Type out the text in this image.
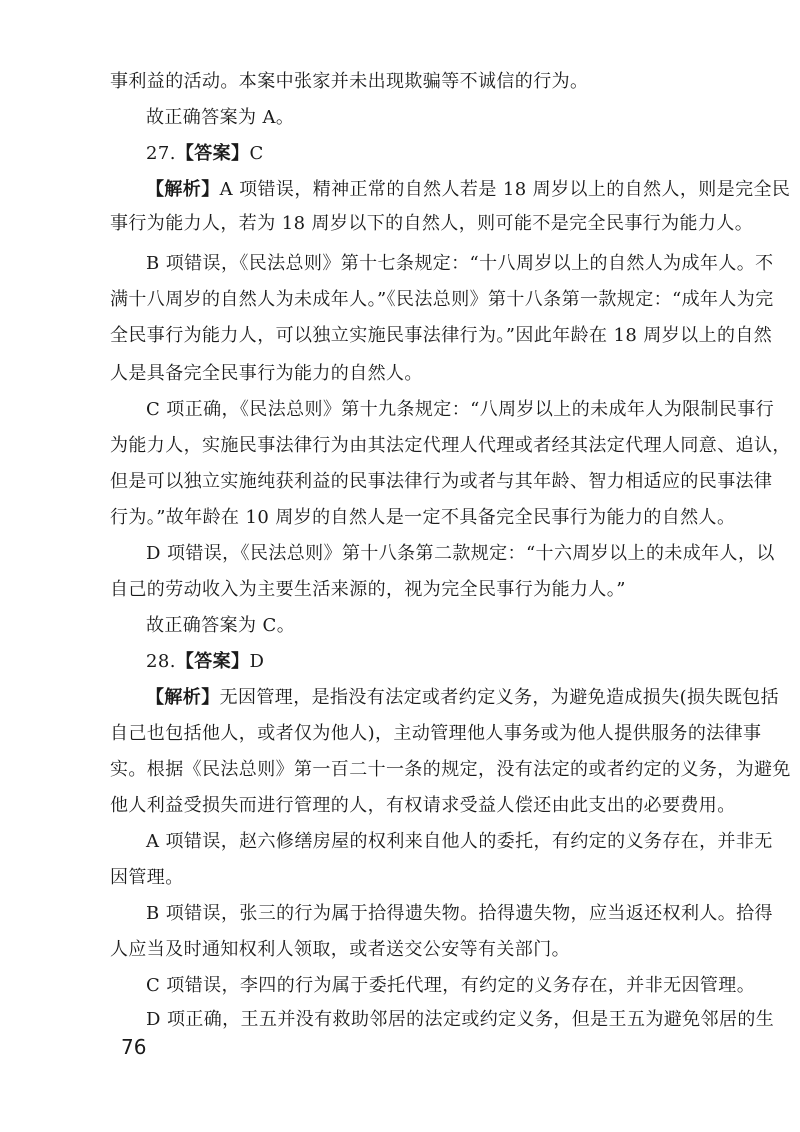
事利益的活动。本案中张家并未出现欺骗等不诚信的行为。
故正确答案为 A。
27.【答案】C
【解析】A 项错误，精神正常的自然人若是 18 周岁以上的自然人，则是完全民
事行为能力人，若为 18 周岁以下的自然人，则可能不是完全民事行为能力人。
B 项错误，《民法总则》第十七条规定：“十八周岁以上的自然人为成年人。不
满十八周岁的自然人为未成年人。”《民法总则》第十八条第一款规定：“成年人为完
全民事行为能力人，可以独立实施民事法律行为。”因此年龄在 18 周岁以上的自然
人是具备完全民事行为能力的自然人。
C 项正确，《民法总则》第十九条规定：“八周岁以上的未成年人为限制民事行
为能力人，实施民事法律行为由其法定代理人代理或者经其法定代理人同意、追认，
但是可以独立实施纯获利益的民事法律行为或者与其年龄、智力相适应的民事法律
行为。”故年龄在 10 周岁的自然人是一定不具备完全民事行为能力的自然人。
D 项错误，《民法总则》第十八条第二款规定：“十六周岁以上的未成年人，以
自己的劳动收入为主要生活来源的，视为完全民事行为能力人。”
故正确答案为 C。
28.【答案】D
【解析】无因管理，是指没有法定或者约定义务，为避免造成损失(损失既包括
自己也包括他人，或者仅为他人)，主动管理他人事务或为他人提供服务的法律事
实。根据《民法总则》第一百二十一条的规定，没有法定的或者约定的义务，为避免
他人利益受损失而进行管理的人，有权请求受益人偿还由此支出的必要费用。
A 项错误，赵六修缮房屋的权利来自他人的委托，有约定的义务存在，并非无
因管理。
B 项错误，张三的行为属于拾得遗失物。拾得遗失物，应当返还权利人。拾得
人应当及时通知权利人领取，或者送交公安等有关部门。
C 项错误，李四的行为属于委托代理，有约定的义务存在，并非无因管理。
D 项正确，王五并没有救助邻居的法定或约定义务，但是王五为避免邻居的生
76
